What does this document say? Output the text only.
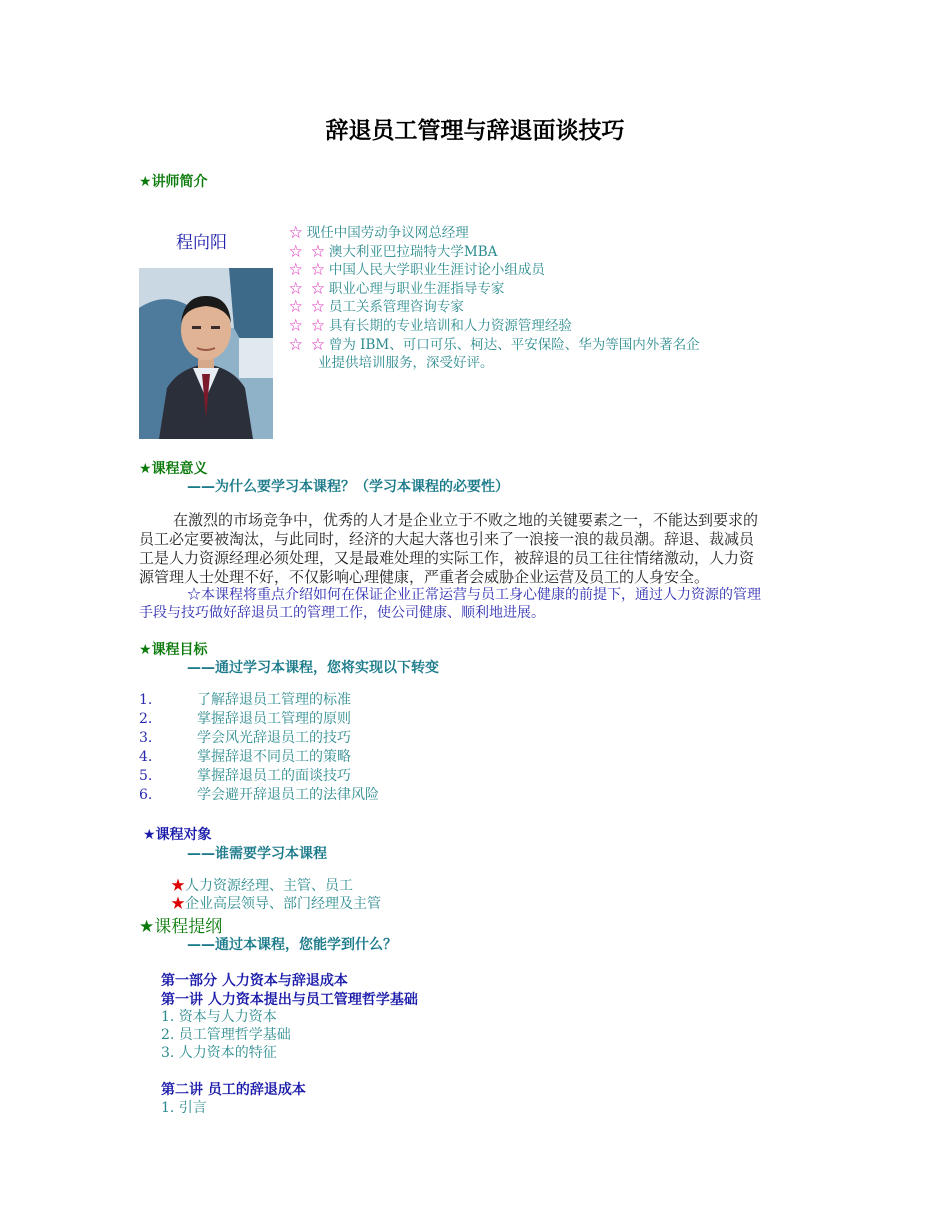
辞退员工管理与辞退面谈技巧
★讲师简介
程向阳	☆ 现任中国劳动争议网总经理
☆  ☆ 澳大利亚巴拉瑞特大学MBA
☆  ☆ 中国人民大学职业生涯讨论小组成员
☆  ☆ 职业心理与职业生涯指导专家
☆  ☆ 员工关系管理咨询专家
☆  ☆ 具有长期的专业培训和人力资源管理经验
☆  ☆ 曾为 IBM、可口可乐、柯达、平安保险、华为等国内外著名企
业提供培训服务，深受好评。
★课程意义
——为什么要学习本课程？（学习本课程的必要性）
在激烈的市场竞争中，优秀的人才是企业立于不败之地的关键要素之一，不能达到要求的
员工必定要被淘汰，与此同时，经济的大起大落也引来了一浪接一浪的裁员潮。辞退、裁减员
工是人力资源经理必须处理，又是最难处理的实际工作，被辞退的员工往往情绪激动，人力资
源管理人士处理不好，不仅影响心理健康，严重者会威胁企业运营及员工的人身安全。
☆本课程将重点介绍如何在保证企业正常运营与员工身心健康的前提下，通过人力资源的管理
手段与技巧做好辞退员工的管理工作，使公司健康、顺利地进展。
★课程目标
——通过学习本课程，您将实现以下转变
1.	了解辞退员工管理的标准
2.	掌握辞退员工管理的原则
3.	学会风光辞退员工的技巧
4.	掌握辞退不同员工的策略
5.	掌握辞退员工的面谈技巧
6.	学会避开辞退员工的法律风险
★课程对象
——谁需要学习本课程
★人力资源经理、主管、员工
★企业高层领导、部门经理及主管
★课程提纲
——通过本课程，您能学到什么？
第一部分 人力资本与辞退成本
第一讲 人力资本提出与员工管理哲学基础
1. 资本与人力资本
2. 员工管理哲学基础
3. 人力资本的特征
第二讲 员工的辞退成本
1. 引言
